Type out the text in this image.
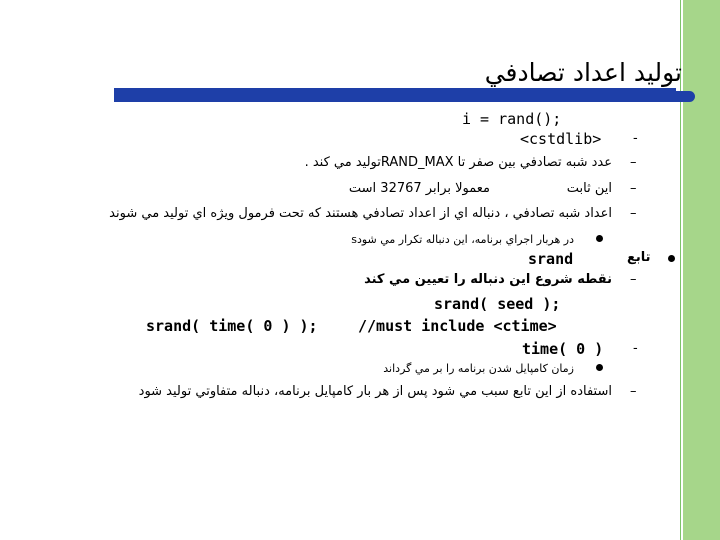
توليد اعداد تصادفي
i = rand();
<cstdlib> -
عدد شبه تصادفي بين صفر تا RAND_MAXتوليد مي كند . –
اين ثابت
معمولا برابر 32767 است	–
اعداد شبه تصادفي ، دنباله اي از اعداد تصادفي هستند كه تحت فرمول ويژه اي توليد مي شوند –
در هربار اجراي برنامه، اين دنباله تكرار مي شودs
srand	تابع
نقطه شروع اين دنباله را تعيين مي كند –
srand( seed );
srand( time( 0 ) );	//must include <ctime>
time( 0 ) -
زمان كامپايل شدن برنامه را بر مي گرداند
استفاده از اين تابع سبب مي شود پس از هر بار كامپايل برنامه، دنباله متفاوتي توليد شود –
